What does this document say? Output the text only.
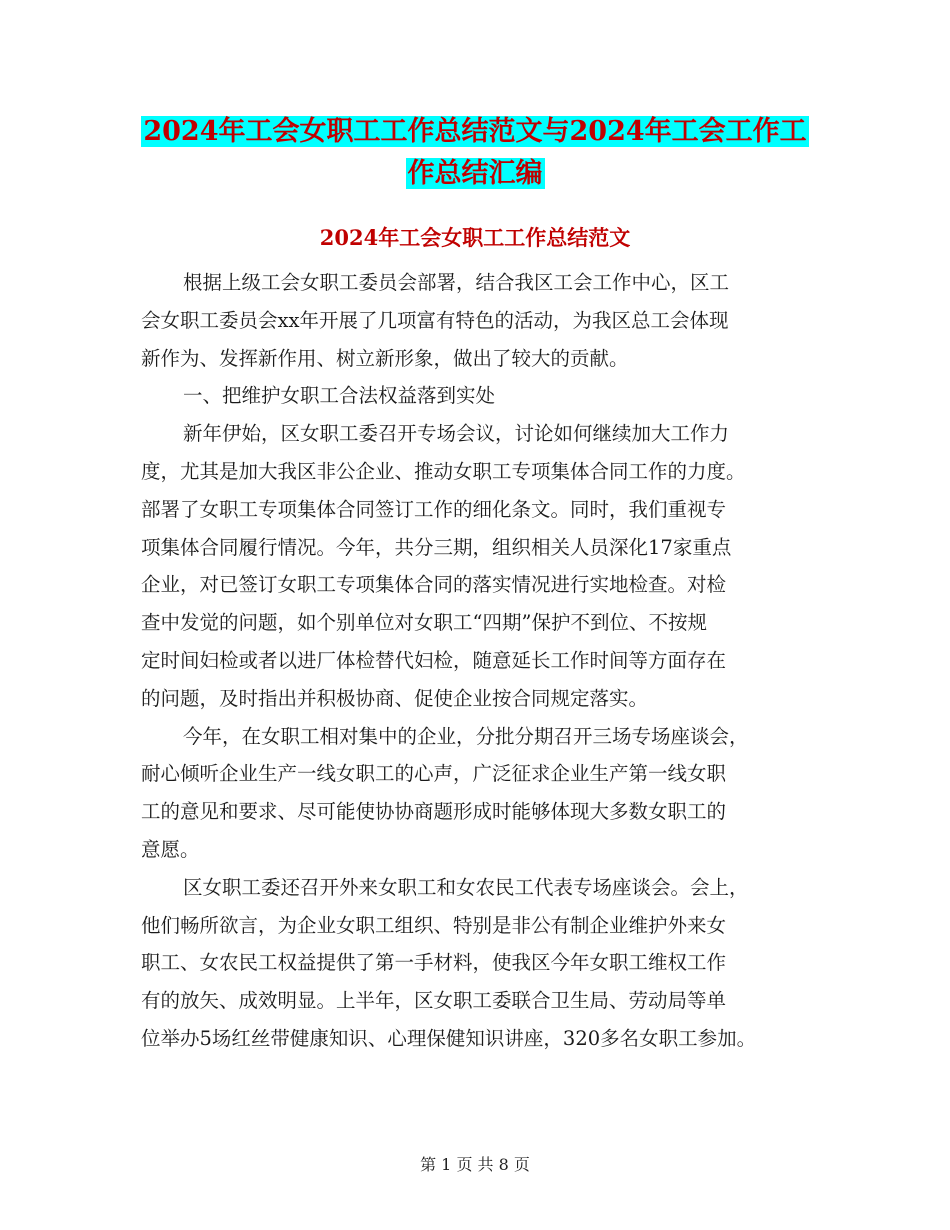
2024年工会女职工工作总结范文与2024年工会工作工
作总结汇编
2024年工会女职工工作总结范文
根据上级工会女职工委员会部署，结合我区工会工作中心，区工
会女职工委员会xx年开展了几项富有特色的活动，为我区总工会体现
新作为、发挥新作用、树立新形象，做出了较大的贡献。
一、把维护女职工合法权益落到实处
新年伊始，区女职工委召开专场会议，讨论如何继续加大工作力
度，尤其是加大我区非公企业、推动女职工专项集体合同工作的力度。
部署了女职工专项集体合同签订工作的细化条文。同时，我们重视专
项集体合同履行情况。今年，共分三期，组织相关人员深化17家重点
企业，对已签订女职工专项集体合同的落实情况进行实地检查。对检
查中发觉的问题，如个别单位对女职工“四期”保护不到位、不按规
定时间妇检或者以进厂体检替代妇检，随意延长工作时间等方面存在
的问题，及时指出并积极协商、促使企业按合同规定落实。
今年，在女职工相对集中的企业，分批分期召开三场专场座谈会，
耐心倾听企业生产一线女职工的心声，广泛征求企业生产第一线女职
工的意见和要求、尽可能使协协商题形成时能够体现大多数女职工的
意愿。
区女职工委还召开外来女职工和女农民工代表专场座谈会。会上，
他们畅所欲言，为企业女职工组织、特别是非公有制企业维护外来女
职工、女农民工权益提供了第一手材料，使我区今年女职工维权工作
有的放矢、成效明显。上半年，区女职工委联合卫生局、劳动局等单
位举办5场红丝带健康知识、心理保健知识讲座，320多名女职工参加。
第 1 页 共 8 页
